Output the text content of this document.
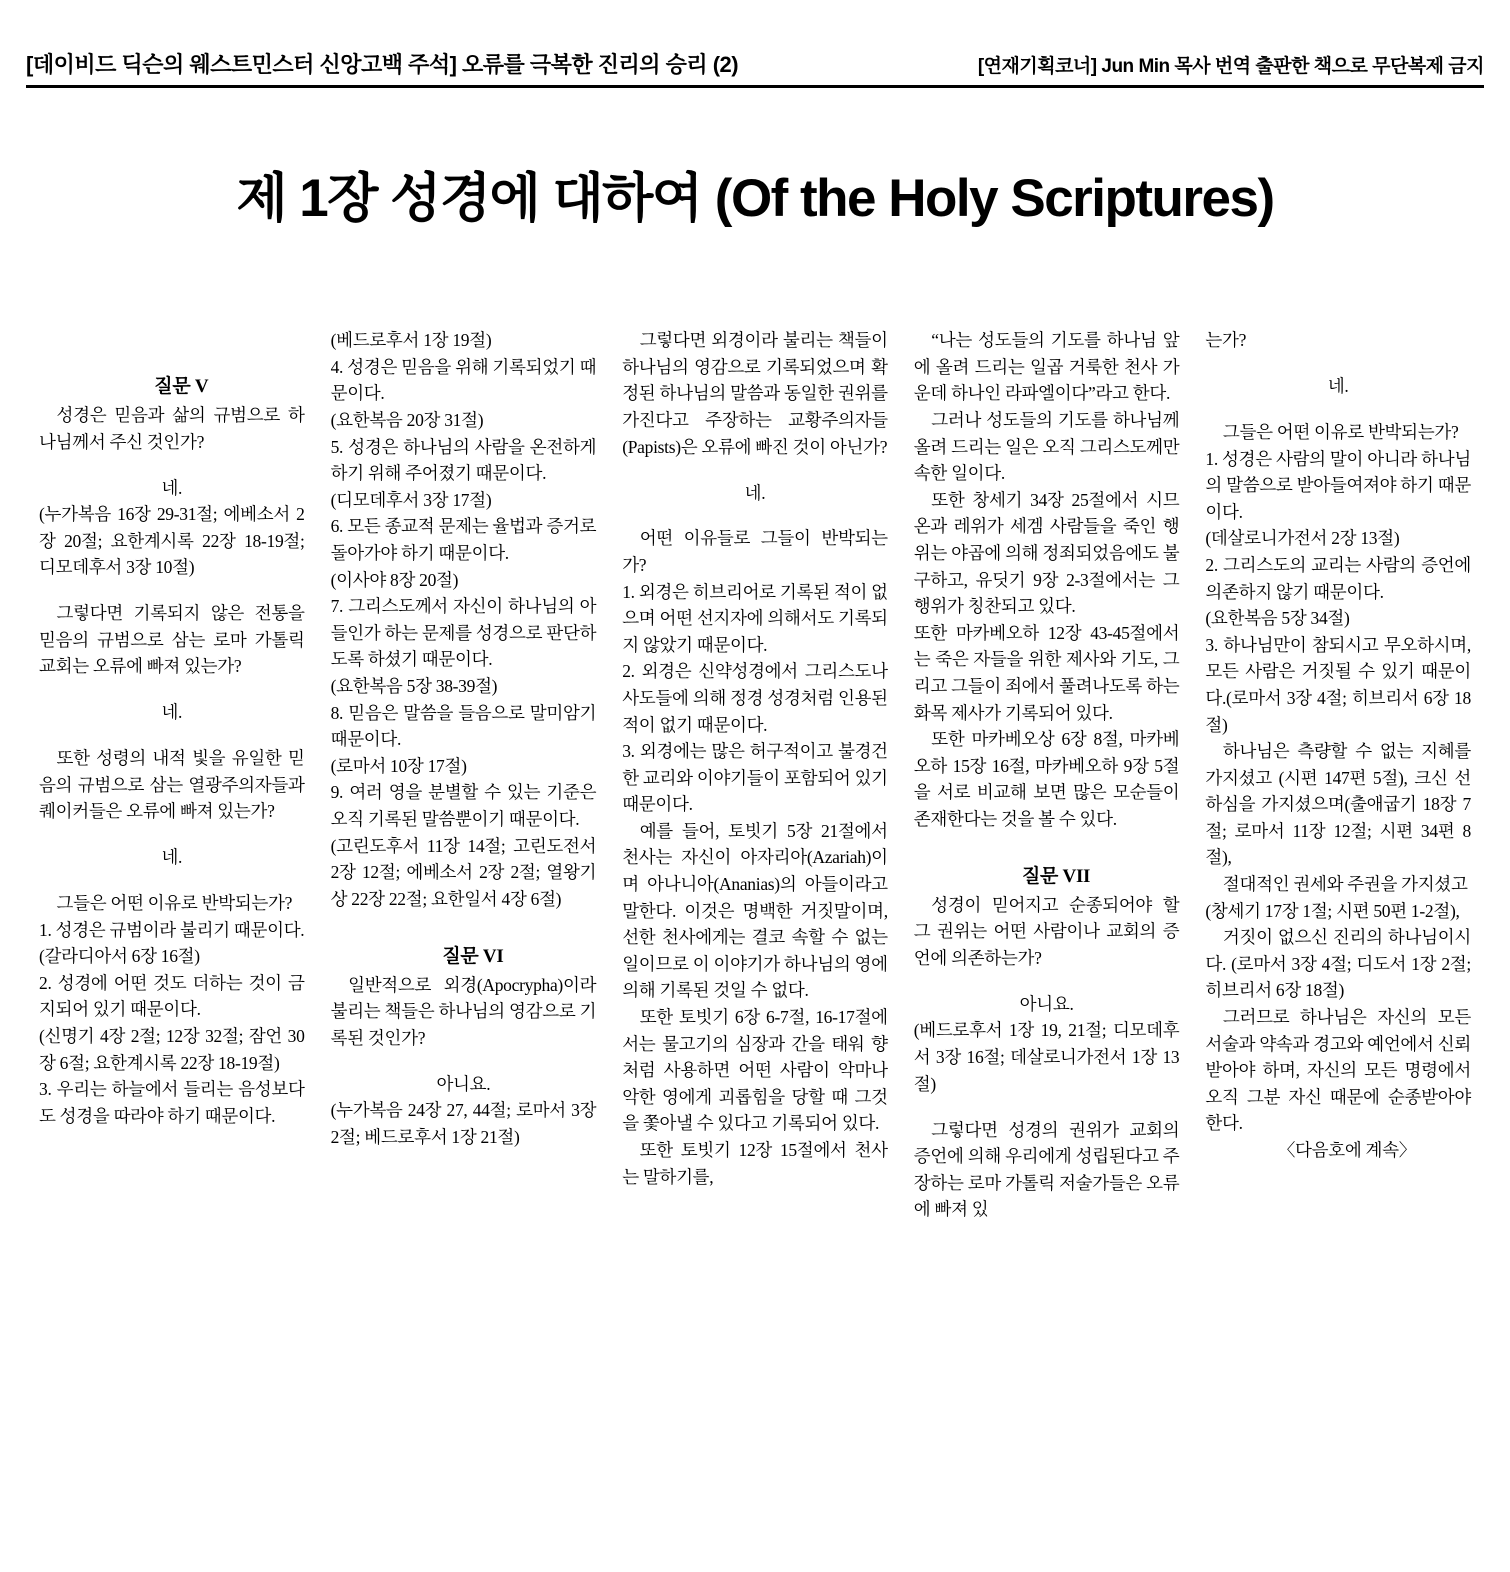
[데이비드 딕슨의 웨스트민스터 신앙고백 주석] 오류를 극복한 진리의 승리 (2)	[연재기획코너] Jun Min 목사 번역 출판한 책으로 무단복제 금지
제 1장 성경에 대하여 (Of the Holy Scriptures)

질문 V

성경은 믿음과 삶의 규범으로 하나님께서 주신 것인가?

네.

(누가복음 16장 29-31절; 에베소서 2장 20절; 요한계시록 22장 18-19절; 디모데후서 3장 10절)

그렇다면 기록되지 않은 전통을 믿음의 규범으로 삼는 로마 가톨릭 교회는 오류에 빠져 있는가?

네.

또한 성령의 내적 빛을 유일한 믿음의 규범으로 삼는 열광주의자들과 퀘이커들은 오류에 빠져 있는가?

네.

그들은 어떤 이유로 반박되는가?

1. 성경은 규범이라 불리기 때문이다.

(갈라디아서 6장 16절)

2. 성경에 어떤 것도 더하는 것이 금지되어 있기 때문이다.

(신명기 4장 2절; 12장 32절; 잠언 30장 6절; 요한계시록 22장 18-19절)

3. 우리는 하늘에서 들리는 음성보다도 성경을 따라야 하기 때문이다.

(베드로후서 1장 19절)

4. 성경은 믿음을 위해 기록되었기 때문이다.

(요한복음 20장 31절)

5. 성경은 하나님의 사람을 온전하게 하기 위해 주어졌기 때문이다.

(디모데후서 3장 17절)

6. 모든 종교적 문제는 율법과 증거로 돌아가야 하기 때문이다.

(이사야 8장 20절)

7. 그리스도께서 자신이 하나님의 아들인가 하는 문제를 성경으로 판단하도록 하셨기 때문이다.

(요한복음 5장 38-39절)

8. 믿음은 말씀을 들음으로 말미암기 때문이다.

(로마서 10장 17절)

9. 여러 영을 분별할 수 있는 기준은 오직 기록된 말씀뿐이기 때문이다.

(고린도후서 11장 14절; 고린도전서 2장 12절; 에베소서 2장 2절; 열왕기상 22장 22절; 요한일서 4장 6절)

질문 VI

일반적으로 외경(Apocrypha)이라 불리는 책들은 하나님의 영감으로 기록된 것인가?

아니요.

(누가복음 24장 27, 44절; 로마서 3장 2절; 베드로후서 1장 21절)

그렇다면 외경이라 불리는 책들이 하나님의 영감으로 기록되었으며 확정된 하나님의 말씀과 동일한 권위를 가진다고 주장하는 교황주의자들(Papists)은 오류에 빠진 것이 아닌가?

네.

어떤 이유들로 그들이 반박되는가?

1. 외경은 히브리어로 기록된 적이 없으며 어떤 선지자에 의해서도 기록되지 않았기 때문이다.

2. 외경은 신약성경에서 그리스도나 사도들에 의해 정경 성경처럼 인용된 적이 없기 때문이다.

3. 외경에는 많은 허구적이고 불경건한 교리와 이야기들이 포함되어 있기 때문이다.

예를 들어, 토빗기 5장 21절에서 천사는 자신이 아자리아(Azariah)이며 아나니아(Ananias)의 아들이라고 말한다. 이것은 명백한 거짓말이며, 선한 천사에게는 결코 속할 수 없는 일이므로 이 이야기가 하나님의 영에 의해 기록된 것일 수 없다.

또한 토빗기 6장 6-7절, 16-17절에서는 물고기의 심장과 간을 태워 향처럼 사용하면 어떤 사람이 악마나 악한 영에게 괴롭힘을 당할 때 그것을 쫓아낼 수 있다고 기록되어 있다.

또한 토빗기 12장 15절에서 천사는 말하기를,

“나는 성도들의 기도를 하나님 앞에 올려 드리는 일곱 거룩한 천사 가운데 하나인 라파엘이다”라고 한다.

그러나 성도들의 기도를 하나님께 올려 드리는 일은 오직 그리스도께만 속한 일이다.

또한 창세기 34장 25절에서 시므온과 레위가 세겜 사람들을 죽인 행위는 야곱에 의해 정죄되었음에도 불구하고, 유딧기 9장 2-3절에서는 그 행위가 칭찬되고 있다.

또한 마카베오하 12장 43-45절에서는 죽은 자들을 위한 제사와 기도, 그리고 그들이 죄에서 풀려나도록 하는 화목 제사가 기록되어 있다.

또한 마카베오상 6장 8절, 마카베오하 15장 16절, 마카베오하 9장 5절을 서로 비교해 보면 많은 모순들이 존재한다는 것을 볼 수 있다.

질문 VII

성경이 믿어지고 순종되어야 할 그 권위는 어떤 사람이나 교회의 증언에 의존하는가?

아니요.

(베드로후서 1장 19, 21절; 디모데후서 3장 16절; 데살로니가전서 1장 13절)

그렇다면 성경의 권위가 교회의 증언에 의해 우리에게 성립된다고 주장하는 로마 가톨릭 저술가들은 오류에 빠져 있

는가?

네.

그들은 어떤 이유로 반박되는가?

1. 성경은 사람의 말이 아니라 하나님의 말씀으로 받아들여져야 하기 때문이다.

(데살로니가전서 2장 13절)

2. 그리스도의 교리는 사람의 증언에 의존하지 않기 때문이다.

(요한복음 5장 34절)

3. 하나님만이 참되시고 무오하시며, 모든 사람은 거짓될 수 있기 때문이다.(로마서 3장 4절; 히브리서 6장 18절)

하나님은 측량할 수 없는 지혜를 가지셨고 (시편 147편 5절), 크신 선하심을 가지셨으며(출애굽기 18장 7절; 로마서 11장 12절; 시편 34편 8절),

절대적인 권세와 주권을 가지셨고

(창세기 17장 1절; 시편 50편 1-2절),

거짓이 없으신 진리의 하나님이시다. (로마서 3장 4절; 디도서 1장 2절; 히브리서 6장 18절)

그러므로 하나님은 자신의 모든 서술과 약속과 경고와 예언에서 신뢰받아야 하며, 자신의 모든 명령에서 오직 그분 자신 때문에 순종받아야 한다.

〈다음호에 계속〉
